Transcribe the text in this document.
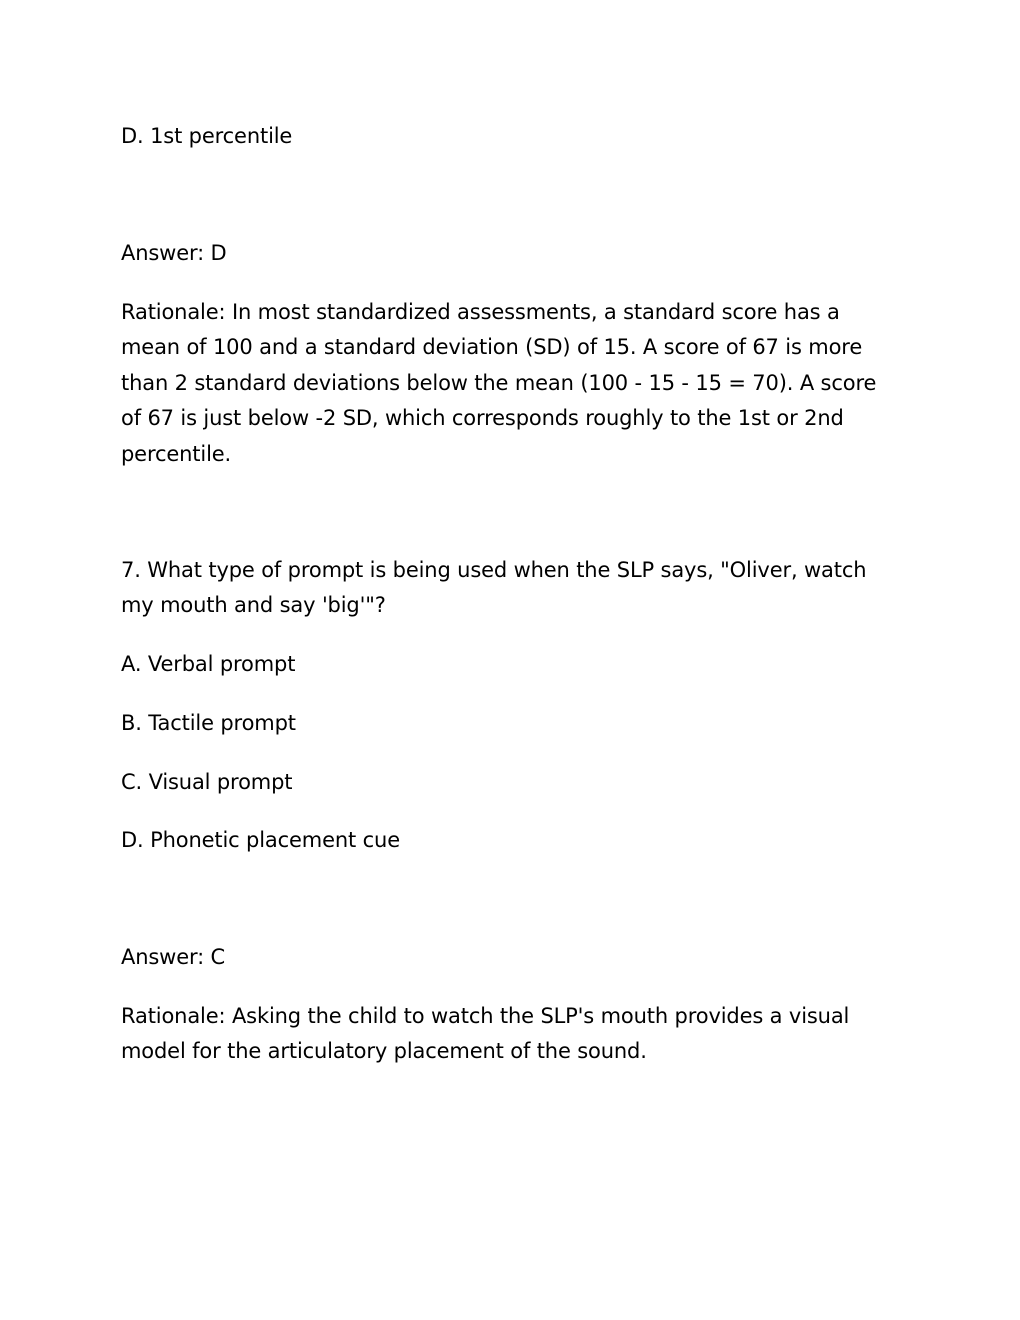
D. 1st percentile
Answer: D
Rationale: In most standardized assessments, a standard score has a
mean of 100 and a standard deviation (SD) of 15. A score of 67 is more
than 2 standard deviations below the mean (100 - 15 - 15 = 70). A score
of 67 is just below -2 SD, which corresponds roughly to the 1st or 2nd
percentile.
7. What type of prompt is being used when the SLP says, "Oliver, watch
my mouth and say 'big'"?
A. Verbal prompt
B. Tactile prompt
C. Visual prompt
D. Phonetic placement cue
Answer: C
Rationale: Asking the child to watch the SLP's mouth provides a visual
model for the articulatory placement of the sound.
